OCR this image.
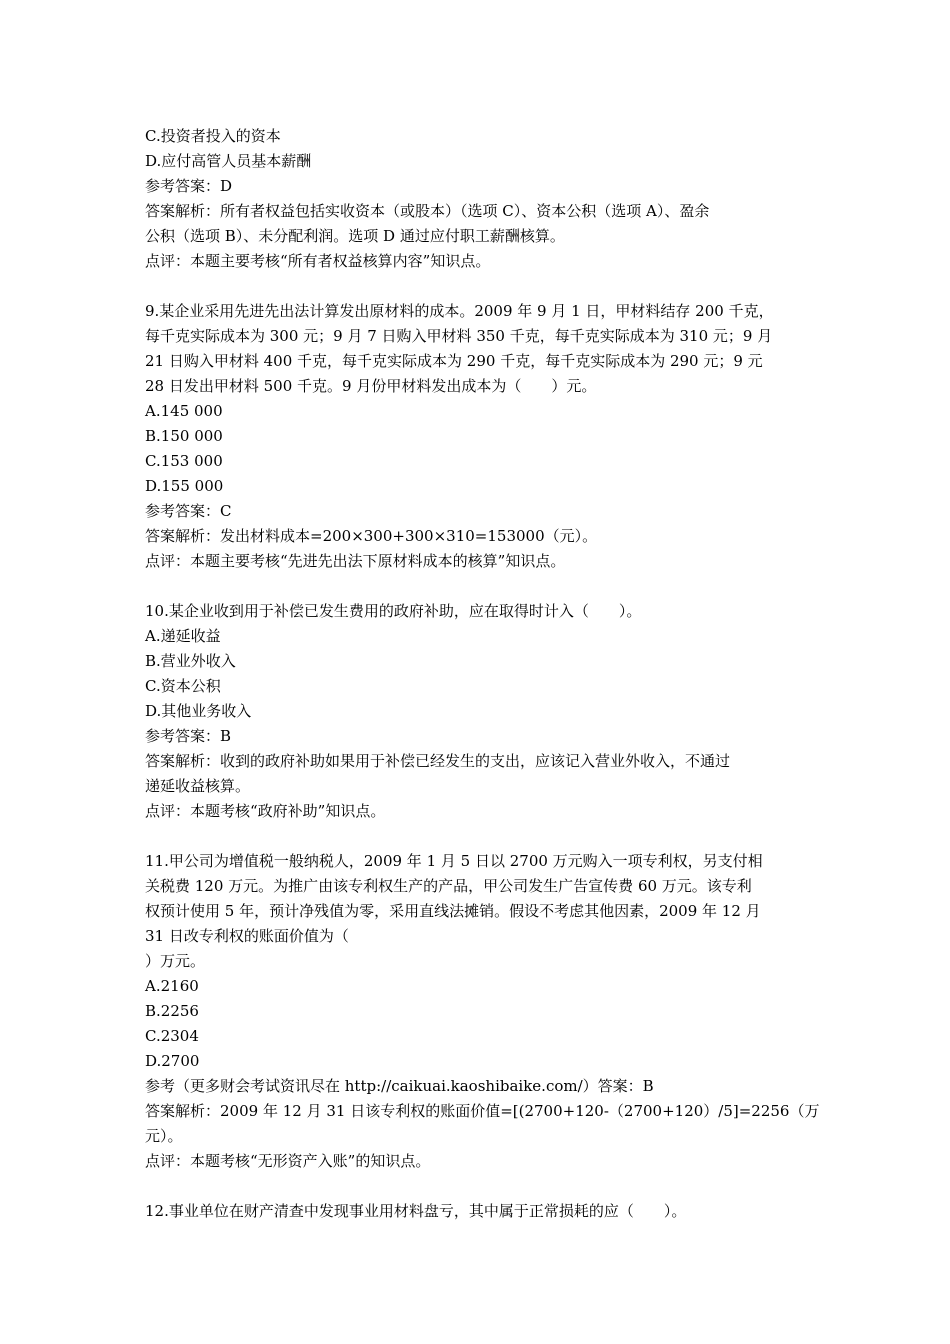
C.投资者投入的资本
D.应付高管人员基本薪酬
参考答案：D
答案解析：所有者权益包括实收资本（或股本）（选项 C）、资本公积（选项 A）、盈余
公积（选项 B）、未分配利润。选项 D 通过应付职工薪酬核算。
点评：本题主要考核“所有者权益核算内容”知识点。
9.某企业采用先进先出法计算发出原材料的成本。2009 年 9 月 1 日，甲材料结存 200 千克，
每千克实际成本为 300 元；9 月 7 日购入甲材料 350 千克，每千克实际成本为 310 元；9 月
21 日购入甲材料 400 千克，每千克实际成本为 290 千克，每千克实际成本为 290 元；9 元
28 日发出甲材料 500 千克。9 月份甲材料发出成本为（　　）元。
A.145 000
B.150 000
C.153 000
D.155 000
参考答案：C
答案解析：发出材料成本=200×300+300×310=153000（元）。
点评：本题主要考核“先进先出法下原材料成本的核算”知识点。
10.某企业收到用于补偿已发生费用的政府补助，应在取得时计入（　　）。
A.递延收益
B.营业外收入
C.资本公积
D.其他业务收入
参考答案：B
答案解析：收到的政府补助如果用于补偿已经发生的支出，应该记入营业外收入，不通过
递延收益核算。
点评：本题考核“政府补助”知识点。
11.甲公司为增值税一般纳税人，2009 年 1 月 5 日以 2700 万元购入一项专利权，另支付相
关税费 120 万元。为推广由该专利权生产的产品，甲公司发生广告宣传费 60 万元。该专利
权预计使用 5 年，预计净残值为零，采用直线法摊销。假设不考虑其他因素，2009 年 12 月
31 日改专利权的账面价值为（
）万元。
A.2160
B.2256
C.2304
D.2700
参考（更多财会考试资讯尽在 http://caikuai.kaoshibaike.com/）答案：B
答案解析：2009 年 12 月 31 日该专利权的账面价值=[(2700+120-（2700+120）/5]=2256（万
元）。
点评：本题考核“无形资产入账”的知识点。
12.事业单位在财产清查中发现事业用材料盘亏，其中属于正常损耗的应（　　）。
